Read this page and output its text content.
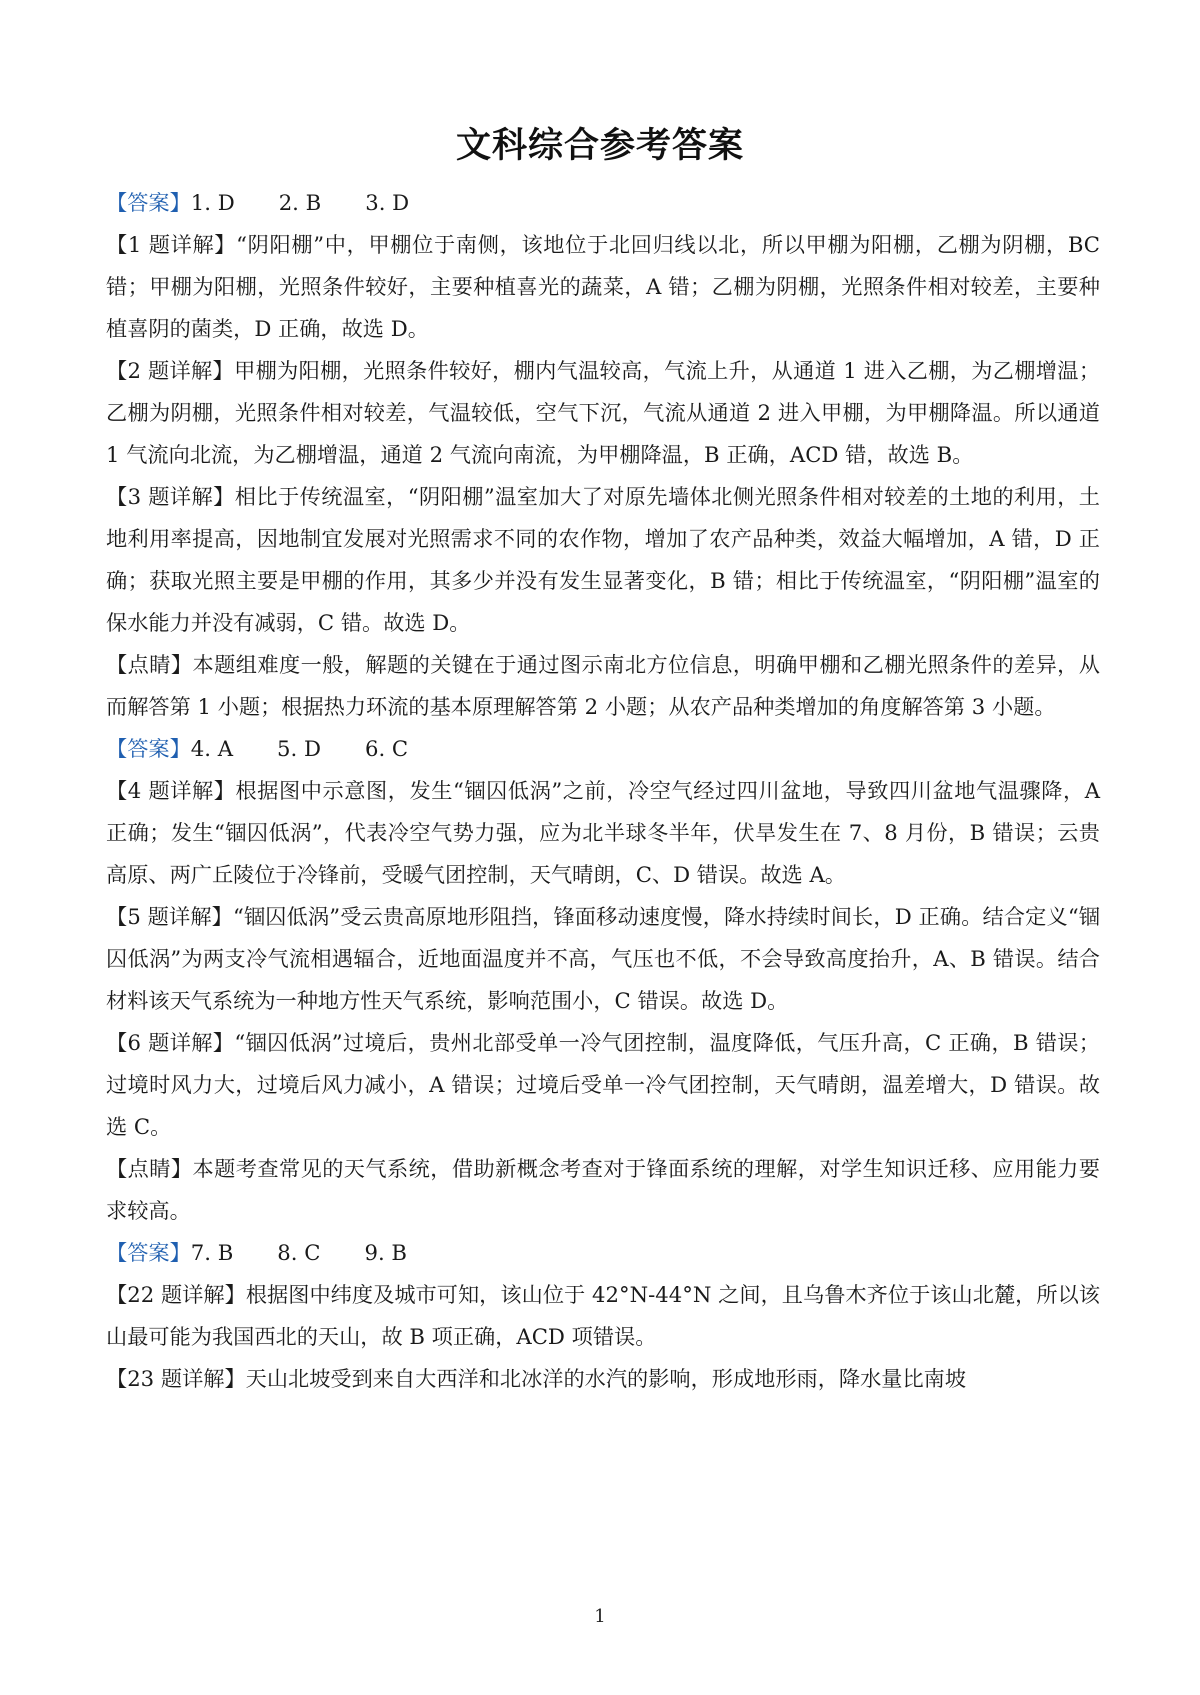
文科综合参考答案

【答案】1. D 2. B 3. D

【1 题详解】“阴阳棚”中，甲棚位于南侧，该地位于北回归线以北，所以甲棚为阳棚，乙棚为阴棚，BC 错；甲棚为阳棚，光照条件较好，主要种植喜光的蔬菜，A 错；乙棚为阴棚，光照条件相对较差，主要种植喜阴的菌类，D 正确，故选 D。

【2 题详解】甲棚为阳棚，光照条件较好，棚内气温较高，气流上升，从通道 1 进入乙棚，为乙棚增温；乙棚为阴棚，光照条件相对较差，气温较低，空气下沉，气流从通道 2 进入甲棚，为甲棚降温。所以通道 1 气流向北流，为乙棚增温，通道 2 气流向南流，为甲棚降温，B 正确，ACD 错，故选 B。

【3 题详解】相比于传统温室，“阴阳棚”温室加大了对原先墙体北侧光照条件相对较差的土地的利用，土地利用率提高，因地制宜发展对光照需求不同的农作物，增加了农产品种类，效益大幅增加，A 错，D 正确；获取光照主要是甲棚的作用，其多少并没有发生显著变化，B 错；相比于传统温室，“阴阳棚”温室的保水能力并没有减弱，C 错。故选 D。

【点睛】本题组难度一般，解题的关键在于通过图示南北方位信息，明确甲棚和乙棚光照条件的差异，从而解答第 1 小题；根据热力环流的基本原理解答第 2 小题；从农产品种类增加的角度解答第 3 小题。

【答案】4. A 5. D 6. C

【4 题详解】根据图中示意图，发生“锢囚低涡”之前，冷空气经过四川盆地，导致四川盆地气温骤降，A 正确；发生“锢囚低涡”，代表冷空气势力强，应为北半球冬半年，伏旱发生在 7、8 月份，B 错误；云贵高原、两广丘陵位于冷锋前，受暖气团控制，天气晴朗，C、D 错误。故选 A。

【5 题详解】“锢囚低涡”受云贵高原地形阻挡，锋面移动速度慢，降水持续时间长，D 正确。结合定义“锢囚低涡”为两支冷气流相遇辐合，近地面温度并不高，气压也不低，不会导致高度抬升，A、B 错误。结合材料该天气系统为一种地方性天气系统，影响范围小，C 错误。故选 D。

【6 题详解】“锢囚低涡”过境后，贵州北部受单一冷气团控制，温度降低，气压升高，C 正确，B 错误；过境时风力大，过境后风力减小，A 错误；过境后受单一冷气团控制，天气晴朗，温差增大，D 错误。故选 C。

【点睛】本题考查常见的天气系统，借助新概念考查对于锋面系统的理解，对学生知识迁移、应用能力要求较高。

【答案】7. B 8. C 9. B

【22 题详解】根据图中纬度及城市可知，该山位于 42°N-44°N 之间，且乌鲁木齐位于该山北麓，所以该山最可能为我国西北的天山，故 B 项正确，ACD 项错误。

【23 题详解】天山北坡受到来自大西洋和北冰洋的水汽的影响，形成地形雨，降水量比南坡

1
